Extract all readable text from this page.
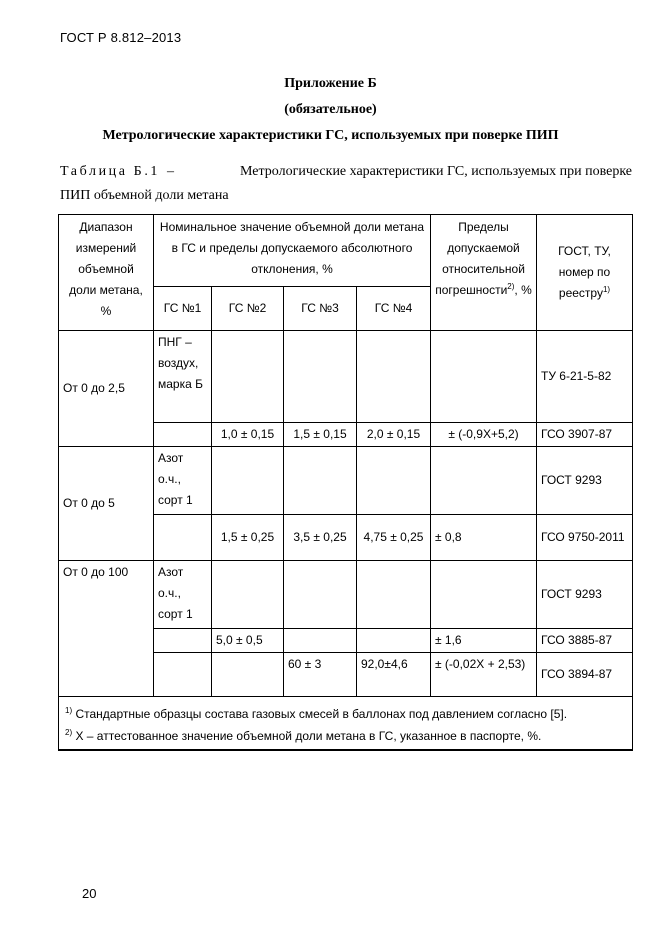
ГОСТ Р 8.812–2013
Приложение Б
(обязательное)
Метрологические характеристики ГС, используемых при поверке ПИП
Таблица Б.1 –	Метрологические характеристики ГС, используемых при поверке
ПИП объемной доли метана
Диапазон измерений объемной доли метана, %	Номинальное значение объемной доли метана в ГС и пределы допускаемого абсолютного отклонения, %				Пределы допускаемой относительной погрешности$^{2)}$, %	ГОСТ, ТУ, номер по реестру$^{1)}$
	ГС №1	ГС №2	ГС №3	ГС №4		
От 0 до 2,5	ПНГ – воздух, марка Б					ТУ 6-21-5-82
		1,0 ± 0,15	1,5 ± 0,15	2,0 ± 0,15	± (-0,9X+5,2)	ГСО 3907-87
От 0 до 5	Азот о.ч., сорт 1					ГОСТ 9293
		1,5 ± 0,25	3,5 ± 0,25	4,75 ± 0,25	± 0,8	ГСО 9750-2011
От 0 до 100	Азот о.ч., сорт 1					ГОСТ 9293
		5,0 ± 0,5			± 1,6	ГСО 3885-87
			60 ± 3	92,0±4,6	± (-0,02X + 2,53)	ГСО 3894-87

$^{1)}$ Стандартные образцы состава газовых смесей в баллонах под давлением согласно [5].
$^{2)}$ X – аттестованное значение объемной доли метана в ГС, указанное в паспорте, %.						
20
